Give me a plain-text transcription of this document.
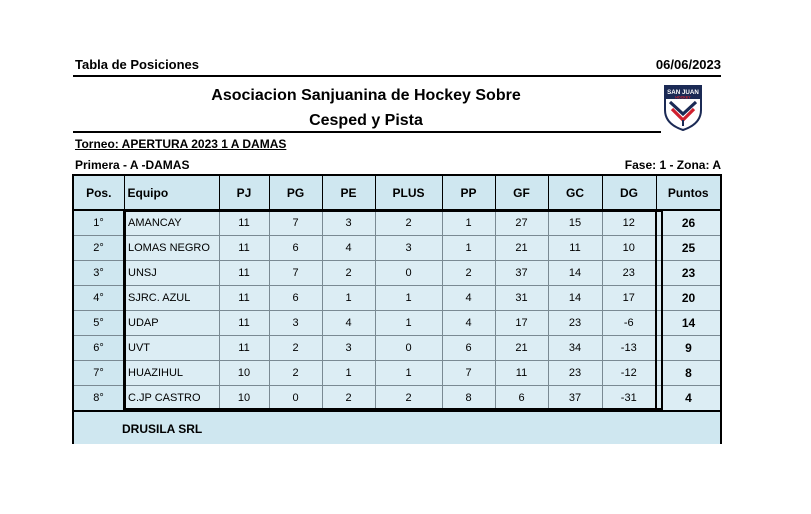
Tabla de Posiciones	06/06/2023
Asociacion Sanjuanina de Hockey Sobre
Cesped y Pista
SAN JUAN
HOCKEY
Torneo: APERTURA 2023 1 A DAMAS
Primera - A -DAMAS	Fase: 1 - Zona: A
Pos.	Equipo	PJ	PG	PE	PLUS	PP	GF	GC	DG	Puntos
1°	AMANCAY	11	7	3	2	1	27	15	12	26
2°	LOMAS NEGRO	11	6	4	3	1	21	11	10	25
3°	UNSJ	11	7	2	0	2	37	14	23	23
4°	SJRC. AZUL	11	6	1	1	4	31	14	17	20
5°	UDAP	11	3	4	1	4	17	23	-6	14
6°	UVT	11	2	3	0	6	21	34	-13	9
7°	HUAZIHUL	10	2	1	1	7	11	23	-12	8
8°	C.JP CASTRO	10	0	2	2	8	6	37	-31	4
DRUSILA SRL
